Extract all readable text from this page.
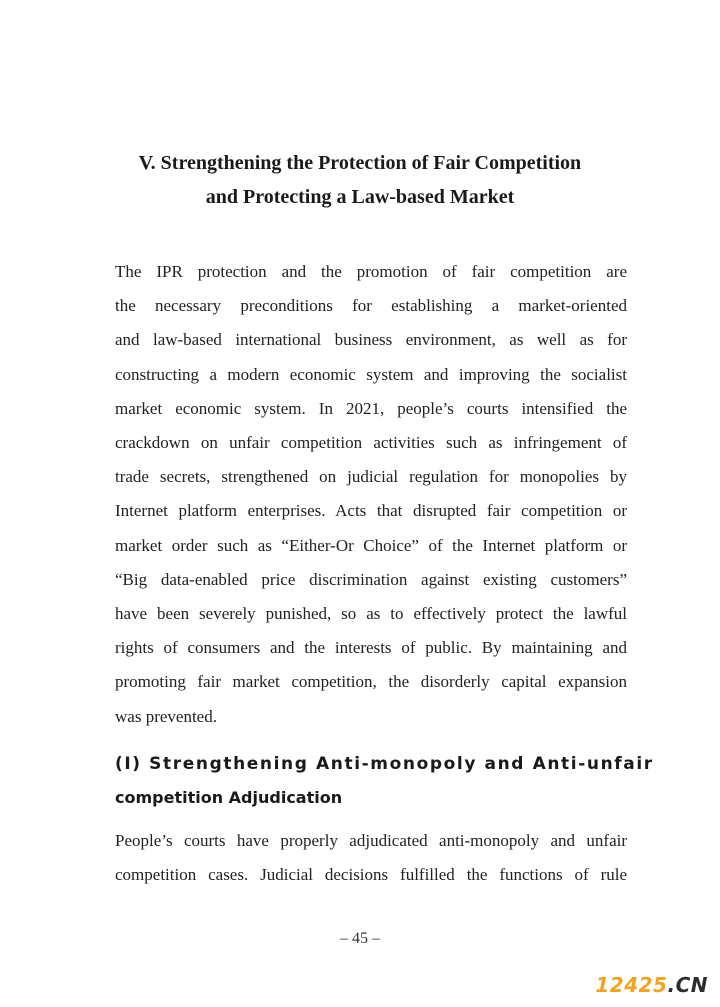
V. Strengthening the Protection of Fair Competition
and Protecting a Law-based Market

The IPR protection and the promotion of fair competition are
the necessary preconditions for establishing a market-oriented
and law-based international business environment, as well as for
constructing a modern economic system and improving the socialist
market economic system. In 2021, people’s courts intensified the
crackdown on unfair competition activities such as infringement of
trade secrets, strengthened on judicial regulation for monopolies by
Internet platform enterprises. Acts that disrupted fair competition or
market order such as “Either-Or Choice” of the Internet platform or
“Big data-enabled price discrimination against existing customers”
have been severely punished, so as to effectively protect the lawful
rights of consumers and the interests of public. By maintaining and
promoting fair market competition, the disorderly capital expansion
was prevented.

(I) Strengthening Anti-monopoly and Anti-unfair
competition Adjudication

People’s courts have properly adjudicated anti-monopoly and unfair
competition cases. Judicial decisions fulfilled the functions of rule

– 45 –
12425.CN
